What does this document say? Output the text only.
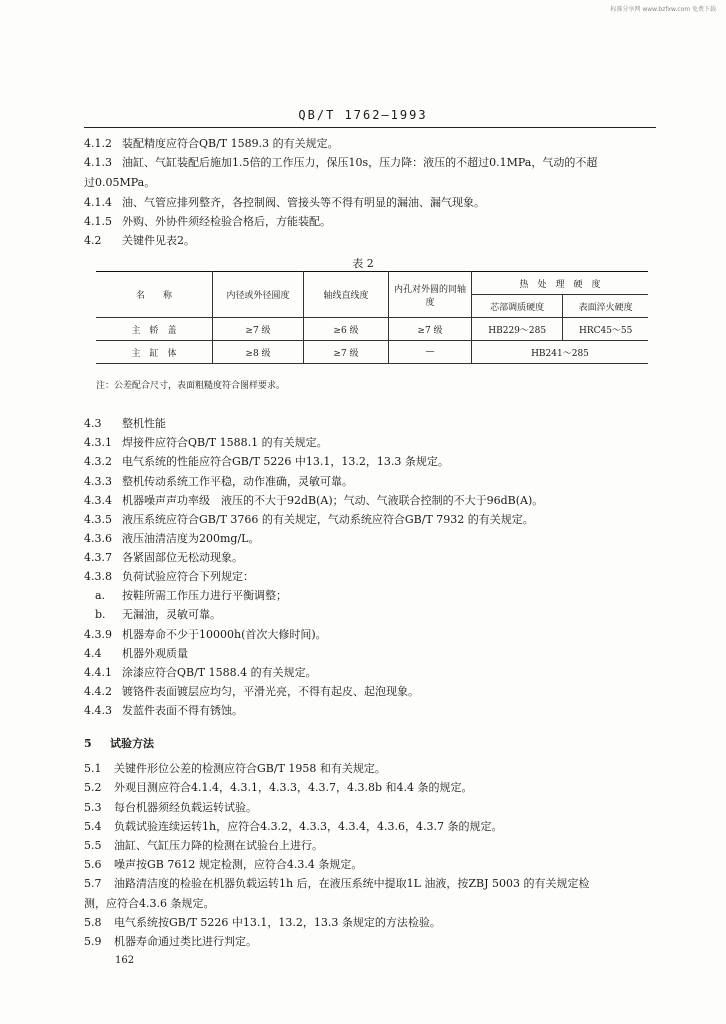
标准分享网 www.bzfxw.com 免费下载
QB/T 1762—1993
4.1.2 装配精度应符合QB/T 1589.3 的有关规定。
4.1.3 油缸、气缸装配后施加1.5倍的工作压力，保压10s，压力降：液压的不超过0.1MPa，气动的不超
过0.05MPa。
4.1.4 油、气管应排列整齐，各控制阀、管接头等不得有明显的漏油、漏气现象。
4.1.5 外购、外协件须经检验合格后，方能装配。
4.2 关键件见表2。
表 2
名　　称	内径或外径圆度	轴线直线度	内孔对外圆的同轴度	热　处　理　硬　度	
				芯部调质硬度	表面淬火硬度
主　轿　盖	≥7 级	≥6 级	≥7 级	HB229～285	HRC45～55
主　缸　体	≥8 级	≥7 级	—	HB241～285	
注：公差配合尺寸，表面粗糙度符合图样要求。
4.3 整机性能
4.3.1 焊接件应符合QB/T 1588.1 的有关规定。
4.3.2 电气系统的性能应符合GB/T 5226 中13.1，13.2，13.3 条规定。
4.3.3 整机传动系统工作平稳，动作准确，灵敏可靠。
4.3.4 机器噪声声功率级　液压的不大于92dB(A)；气动、气液联合控制的不大于96dB(A)。
4.3.5 液压系统应符合GB/T 3766 的有关规定，气动系统应符合GB/T 7932 的有关规定。
4.3.6 液压油清洁度为200mg/L。
4.3.7 各紧固部位无松动现象。
4.3.8 负荷试验应符合下列规定：
　a. 按鞋所需工作压力进行平衡调整；
　b. 无漏油，灵敏可靠。
4.3.9 机器寿命不少于10000h(首次大修时间)。
4.4 机器外观质量
4.4.1 涂漆应符合QB/T 1588.4 的有关规定。
4.4.2 镀铬件表面镀层应均匀，平滑光亮，不得有起皮、起泡现象。
4.4.3 发蓝件表面不得有锈蚀。
5 试验方法
5.1 关键件形位公差的检测应符合GB/T 1958 和有关规定。
5.2 外观目测应符合4.1.4，4.3.1，4.3.3，4.3.7，4.3.8b 和4.4 条的规定。
5.3 每台机器须经负载运转试验。
5.4 负载试验连续运转1h，应符合4.3.2，4.3.3，4.3.4，4.3.6，4.3.7 条的规定。
5.5 油缸、气缸压力降的检测在试验台上进行。
5.6 噪声按GB 7612 规定检测，应符合4.3.4 条规定。
5.7 油路清洁度的检验在机器负载运转1h 后，在液压系统中提取1L 油液，按ZBJ 5003 的有关规定检
测，应符合4.3.6 条规定。
5.8 电气系统按GB/T 5226 中13.1，13.2，13.3 条规定的方法检验。
5.9 机器寿命通过类比进行判定。
162
